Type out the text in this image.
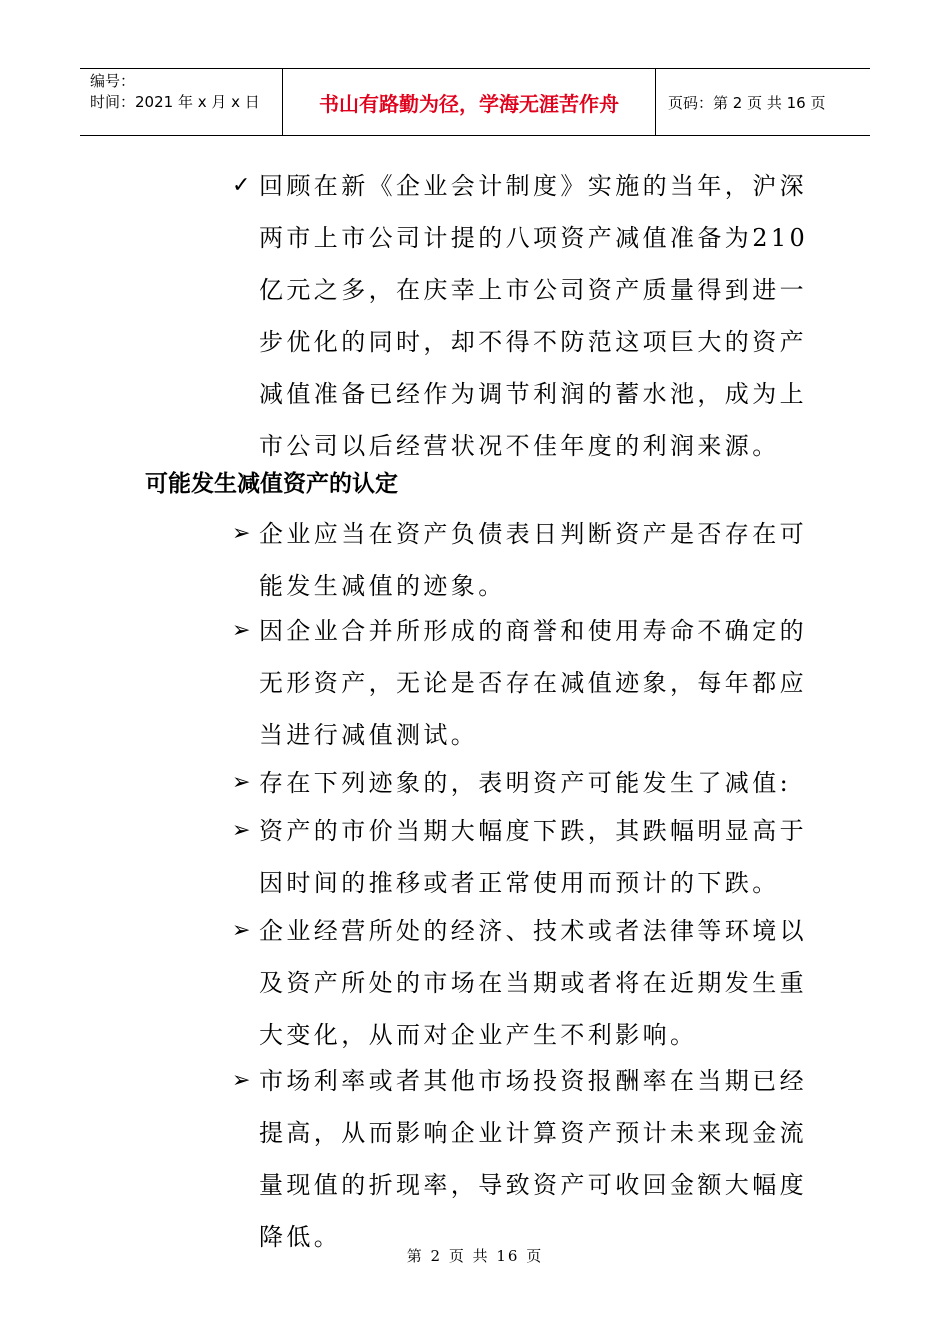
编号：
时间：2021 年 x 月 x 日	书山有路勤为径，学海无涯苦作舟	页码：第 2 页 共 16 页
✓ 回顾在新《企业会计制度》实施的当年，沪深两市上市公司计提的八项资产减值准备为210亿元之多，在庆幸上市公司资产质量得到进一步优化的同时，却不得不防范这项巨大的资产减值准备已经作为调节利润的蓄水池，成为上市公司以后经营状况不佳年度的利润来源。
可能发生减值资产的认定
➢ 企业应当在资产负债表日判断资产是否存在可能发生减值的迹象。
➢ 因企业合并所形成的商誉和使用寿命不确定的无形资产，无论是否存在减值迹象，每年都应当进行减值测试。
➢ 存在下列迹象的，表明资产可能发生了减值:
➢ 资产的市价当期大幅度下跌，其跌幅明显高于因时间的推移或者正常使用而预计的下跌。
➢ 企业经营所处的经济、技术或者法律等环境以及资产所处的市场在当期或者将在近期发生重大变化，从而对企业产生不利影响。
➢ 市场利率或者其他市场投资报酬率在当期已经提高，从而影响企业计算资产预计未来现金流量现值的折现率，导致资产可收回金额大幅度降低。
第 2 页 共 16 页
